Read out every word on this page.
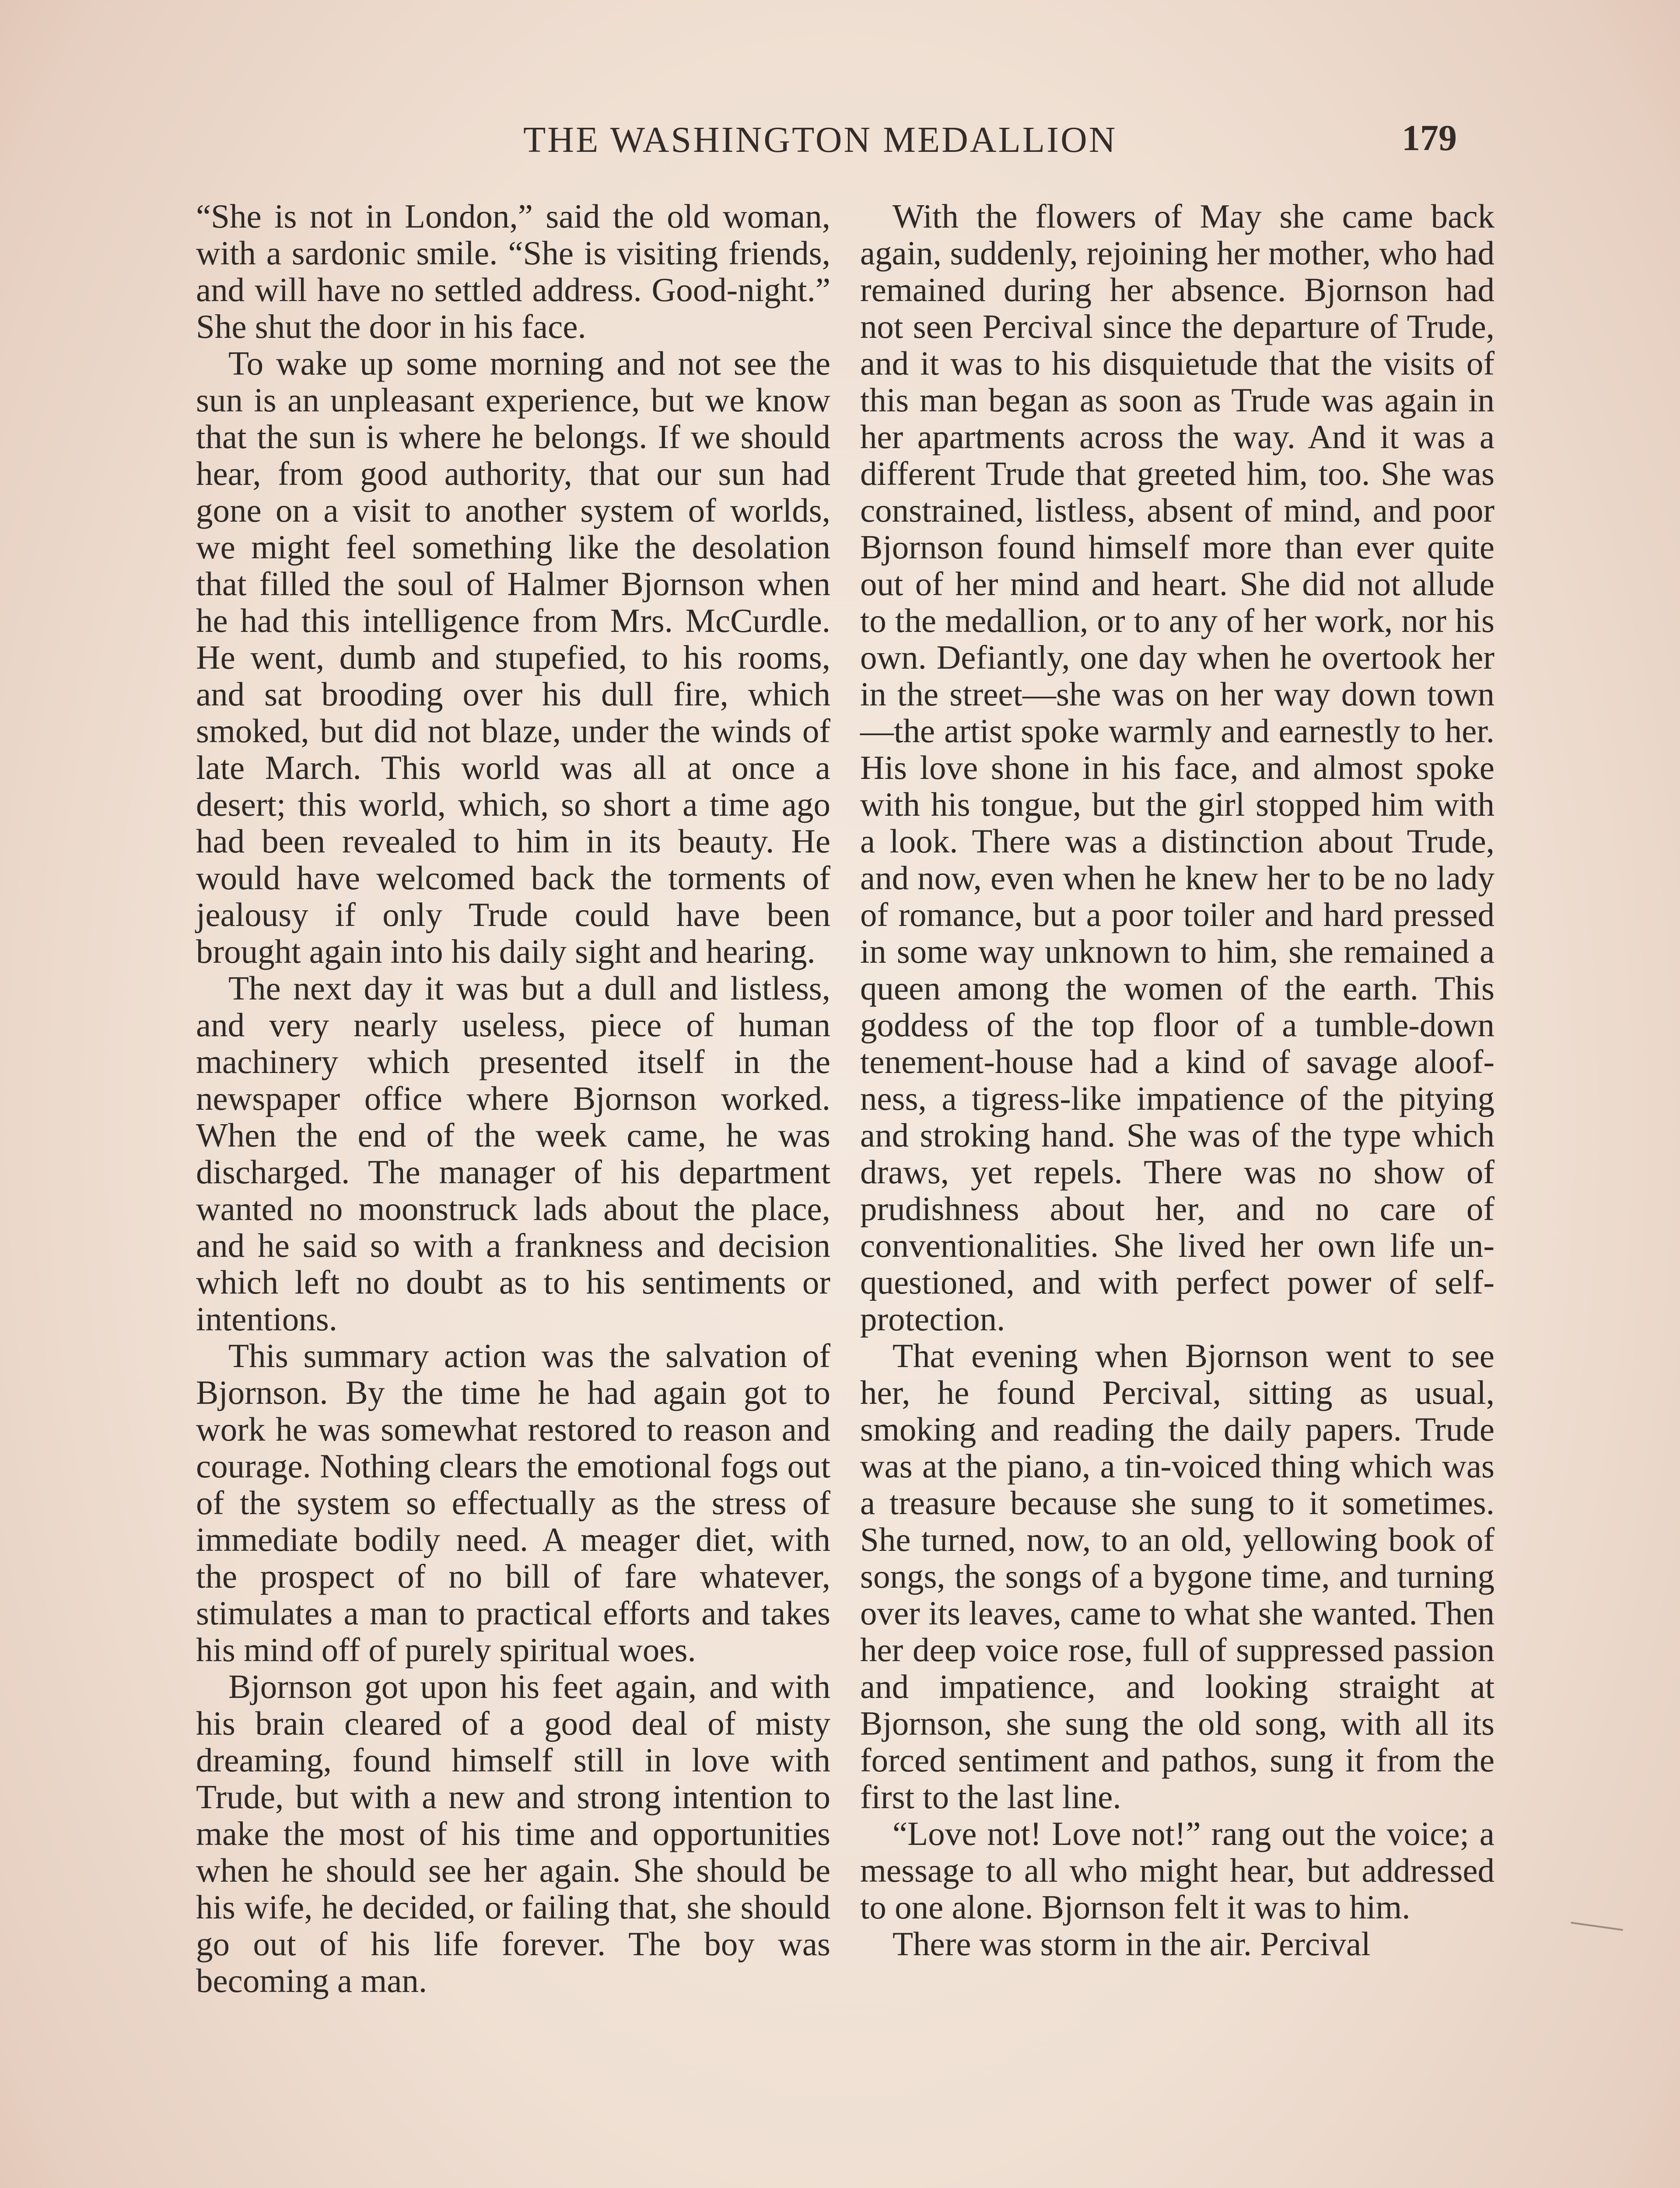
THE WASHINGTON MEDALLION	179

“She is not in London,” said the old woman, with a sardonic smile. “She is visiting friends, and will have no settled address. Good-night.” She shut the door in his face.

To wake up some morning and not see the sun is an unpleasant experience, but we know that the sun is where he belongs. If we should hear, from good authority, that our sun had gone on a visit to another system of worlds, we might feel something like the desolation that filled the soul of Halmer Bjornson when he had this intelligence from Mrs. McCurdle. He went, dumb and stupefied, to his rooms, and sat brooding over his dull fire, which smoked, but did not blaze, under the winds of late March. This world was all at once a desert; this world, which, so short a time ago had been revealed to him in its beauty. He would have welcomed back the torments of jealousy if only Trude could have been brought again into his daily sight and hearing.

The next day it was but a dull and listless, and very nearly useless, piece of human machinery which presented itself in the newspaper office where Bjornson worked. When the end of the week came, he was discharged. The manager of his department wanted no moonstruck lads about the place, and he said so with a frankness and decision which left no doubt as to his sentiments or intentions.

This summary action was the salvation of Bjornson. By the time he had again got to work he was somewhat restored to reason and courage. Nothing clears the emotional fogs out of the system so effectually as the stress of immediate bodily need. A meager diet, with the prospect of no bill of fare whatever, stimulates a man to practical efforts and takes his mind off of purely spiritual woes.

Bjornson got upon his feet again, and with his brain cleared of a good deal of misty dreaming, found himself still in love with Trude, but with a new and strong intention to make the most of his time and opportunities when he should see her again. She should be his wife, he decided, or failing that, she should go out of his life forever. The boy was becoming a man.

With the flowers of May she came back again, suddenly, rejoining her mother, who had remained during her absence. Bjornson had not seen Percival since the departure of Trude, and it was to his disquietude that the visits of this man began as soon as Trude was again in her apartments across the way. And it was a different Trude that greeted him, too. She was constrained, listless, absent of mind, and poor Bjornson found himself more than ever quite out of her mind and heart. She did not allude to the medallion, or to any of her work, nor his own. Defiantly, one day when he overtook her in the street—she was on her way down town—the artist spoke warmly and earnestly to her. His love shone in his face, and almost spoke with his tongue, but the girl stopped him with a look. There was a distinction about Trude, and now, even when he knew her to be no lady of romance, but a poor toiler and hard pressed in some way unknown to him, she remained a queen among the women of the earth. This goddess of the top floor of a tumble-down tenement-house had a kind of savage aloofness, a tigress-like impatience of the pitying and stroking hand. She was of the type which draws, yet repels. There was no show of prudishness about her, and no care of conventionalities. She lived her own life unquestioned, and with perfect power of self-protection.

That evening when Bjornson went to see her, he found Percival, sitting as usual, smoking and reading the daily papers. Trude was at the piano, a tin-voiced thing which was a treasure because she sung to it sometimes. She turned, now, to an old, yellowing book of songs, the songs of a bygone time, and turning over its leaves, came to what she wanted. Then her deep voice rose, full of suppressed passion and impatience, and looking straight at Bjornson, she sung the old song, with all its forced sentiment and pathos, sung it from the first to the last line.

“Love not! Love not!” rang out the voice; a message to all who might hear, but addressed to one alone. Bjornson felt it was to him.

There was storm in the air. Percival
